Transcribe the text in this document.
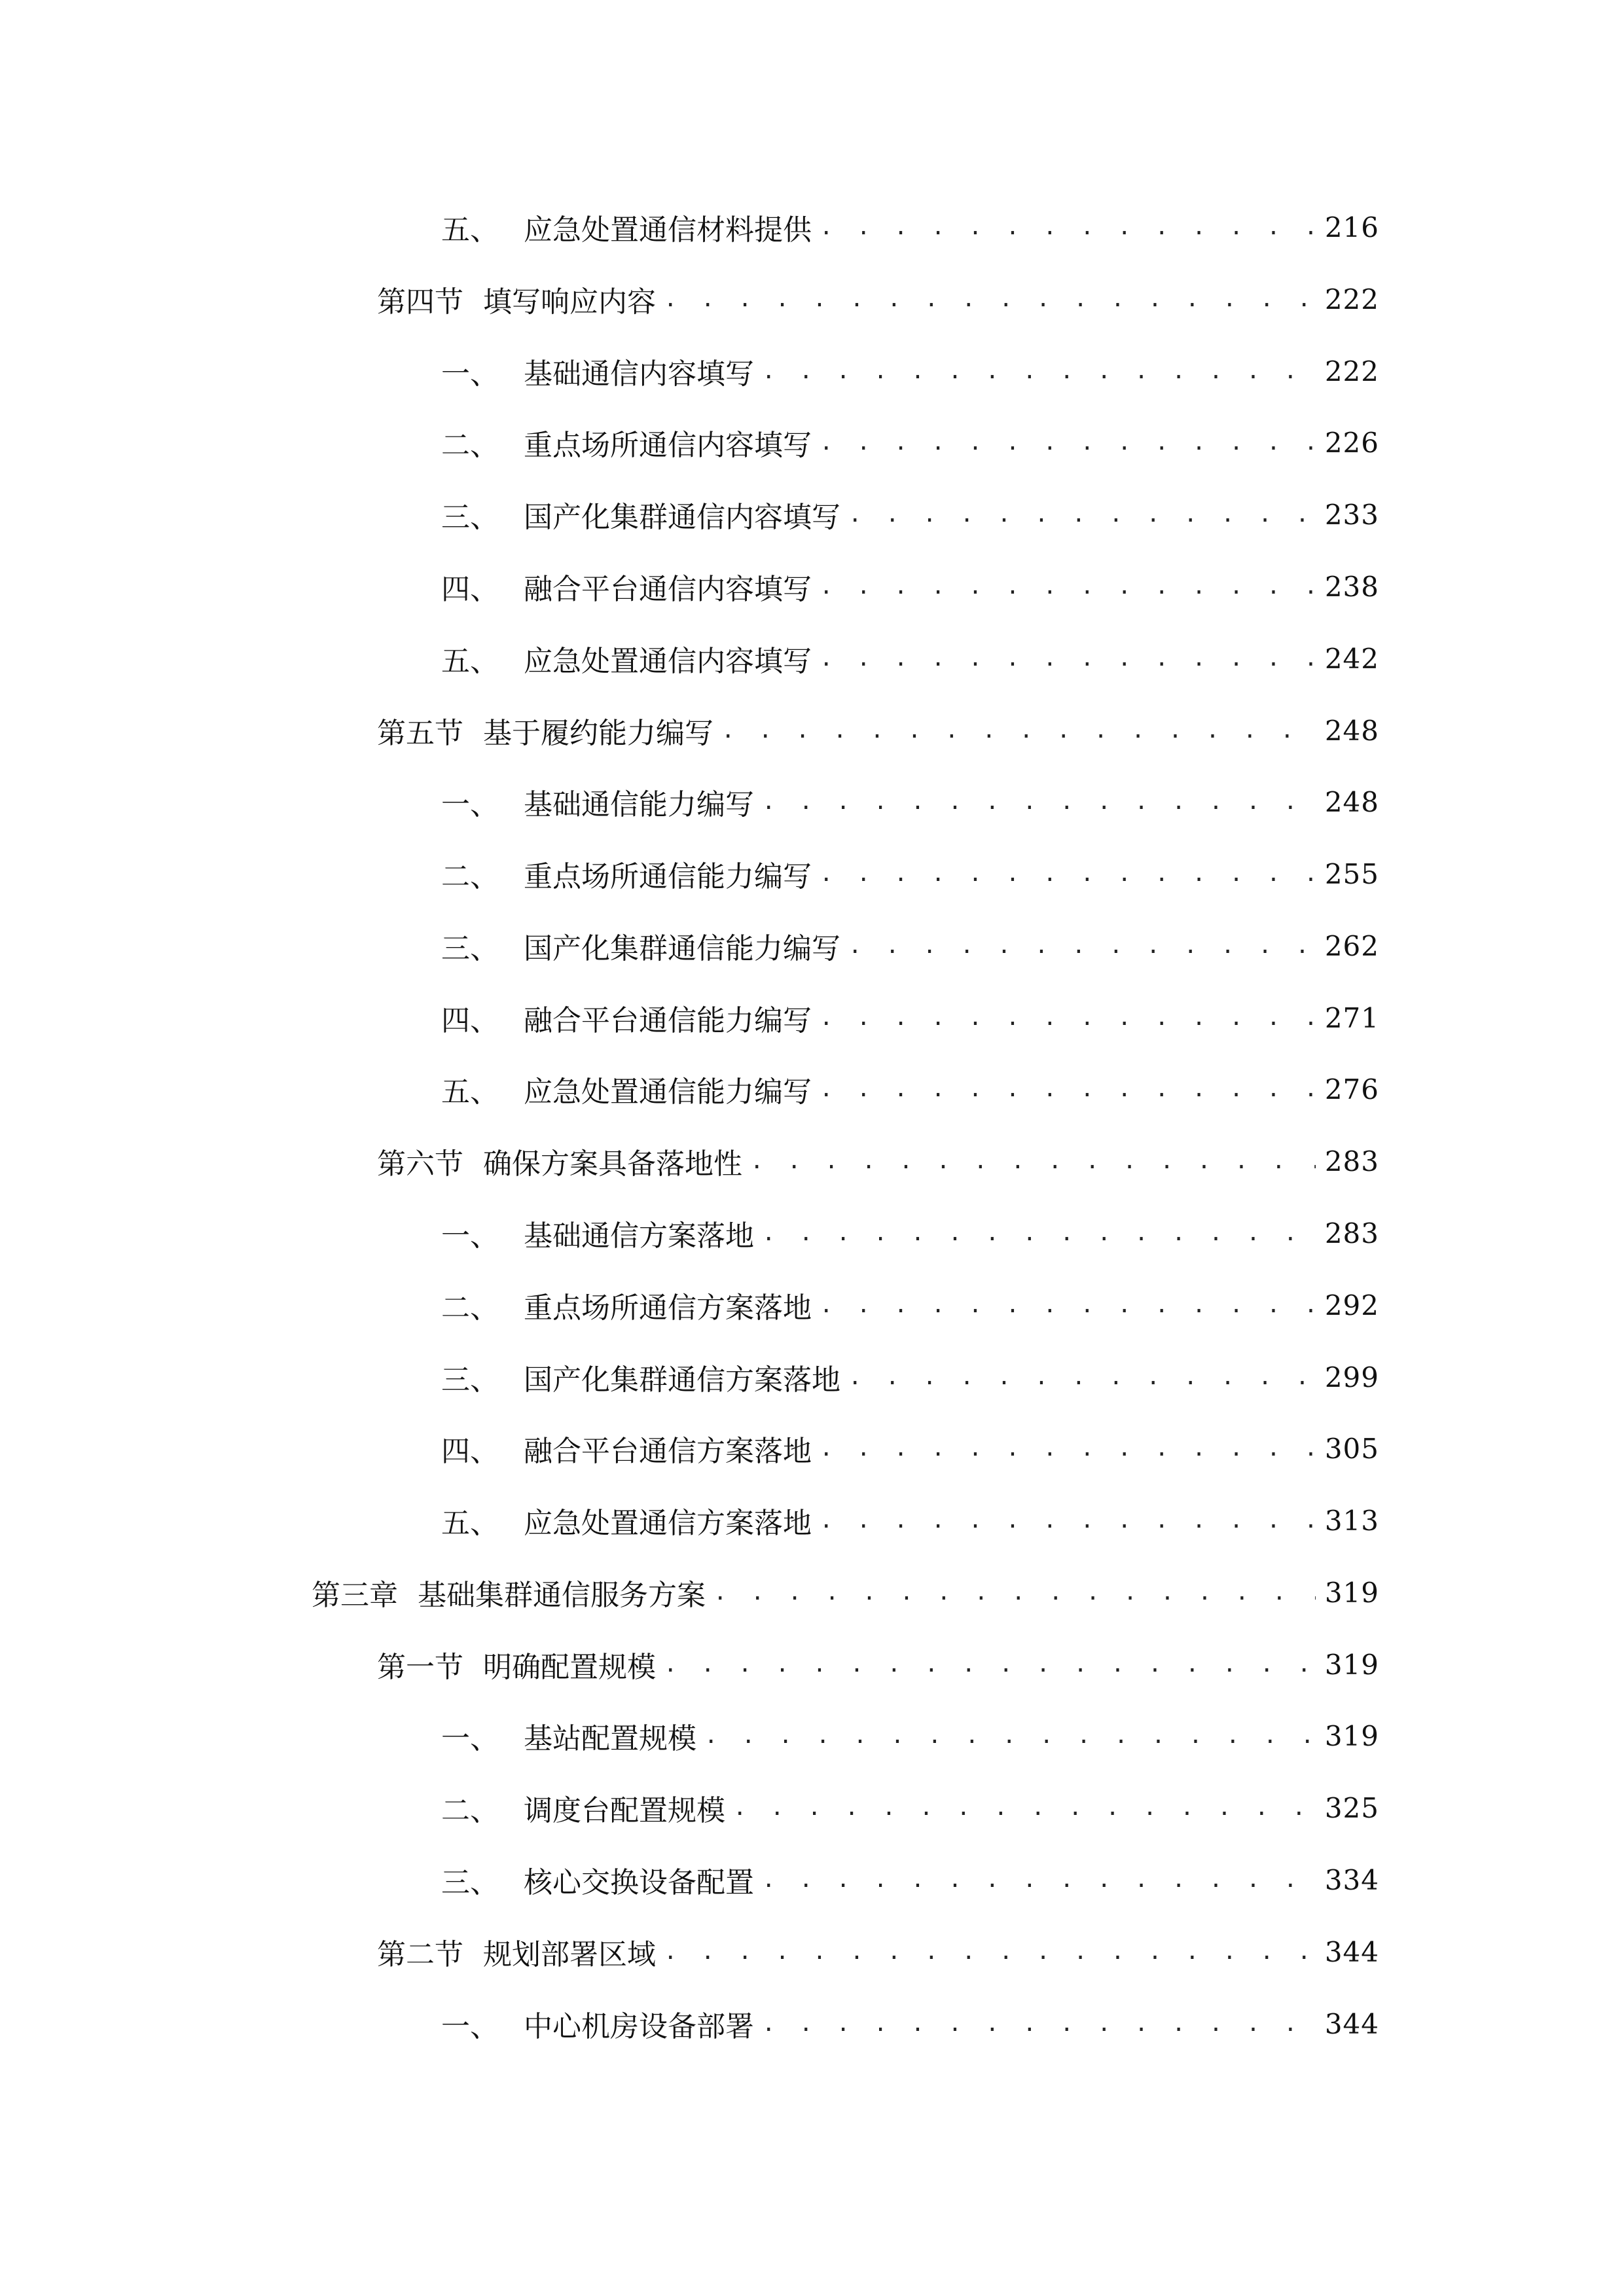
五、 应急处置通信材料提供 . . .	216
第四节 填写响应内容 . . .	222
一、 基础通信内容填写 . . .	222
二、 重点场所通信内容填写 . . .	226
三、 国产化集群通信内容填写 . . .	233
四、 融合平台通信内容填写 . . .	238
五、 应急处置通信内容填写 . . .	242
第五节 基于履约能力编写 . . .	248
一、 基础通信能力编写 . . .	248
二、 重点场所通信能力编写 . . .	255
三、 国产化集群通信能力编写 . . .	262
四、 融合平台通信能力编写 . . .	271
五、 应急处置通信能力编写 . . .	276
第六节 确保方案具备落地性 . . .	283
一、 基础通信方案落地 . . .	283
二、 重点场所通信方案落地 . . .	292
三、 国产化集群通信方案落地 . . .	299
四、 融合平台通信方案落地 . . .	305
五、 应急处置通信方案落地 . . .	313
第三章 基础集群通信服务方案 . . .	319
第一节 明确配置规模 . . .	319
一、 基站配置规模 . . .	319
二、 调度台配置规模 . . .	325
三、 核心交换设备配置 . . .	334
第二节 规划部署区域 . . .	344
一、 中心机房设备部署 . . .	344
